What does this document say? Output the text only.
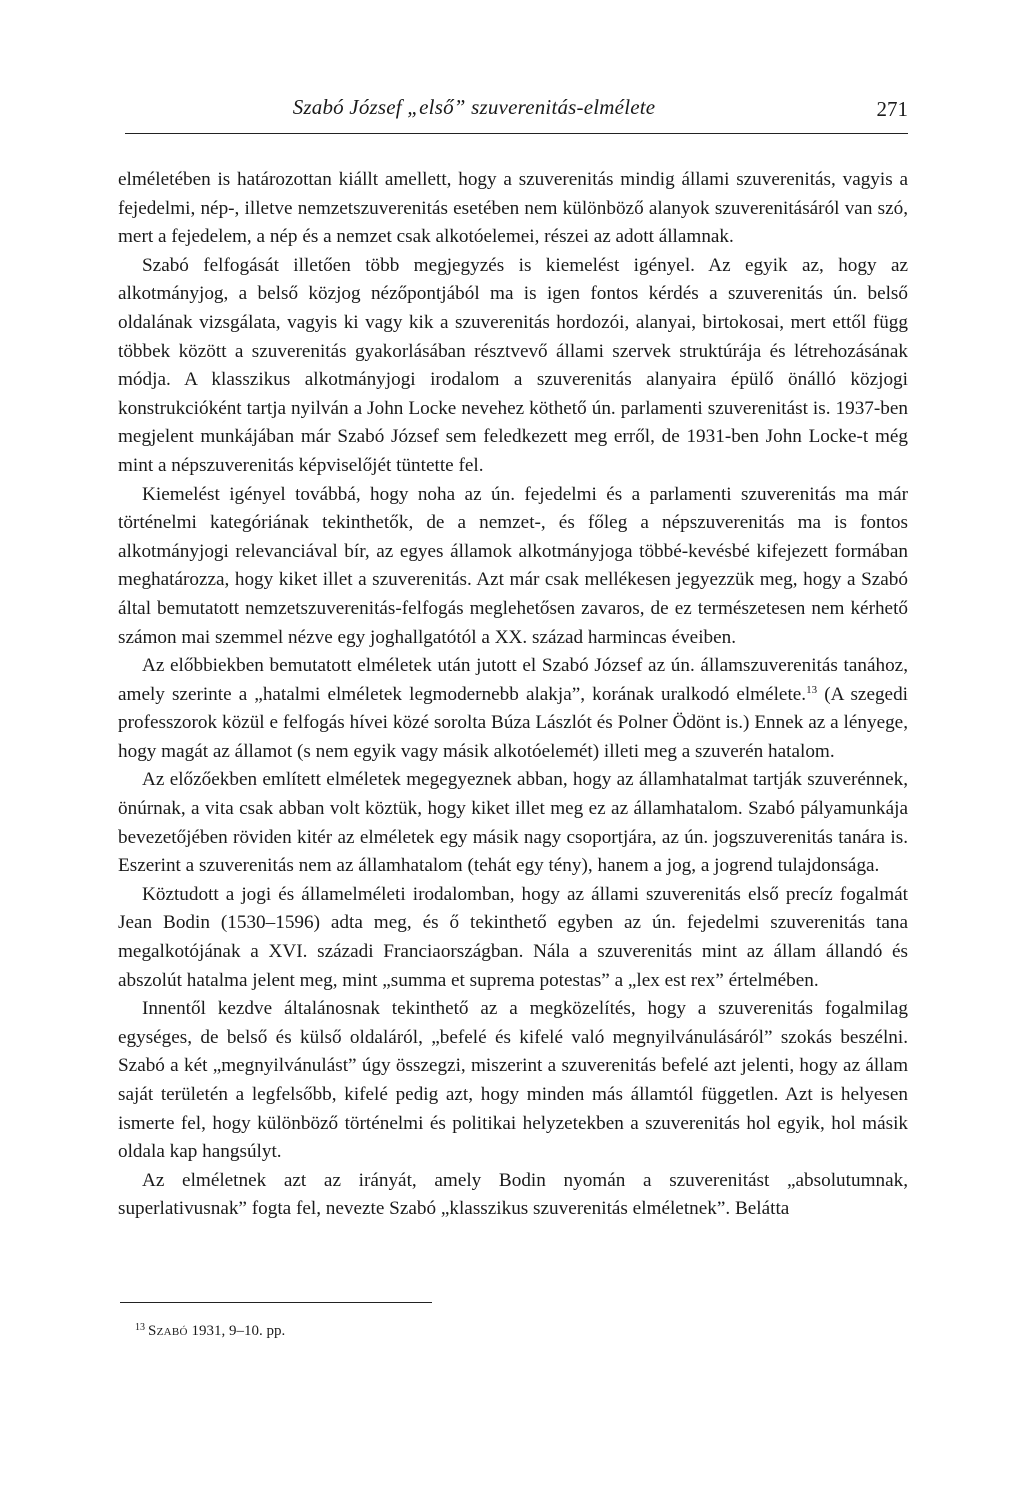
Szabó József „első” szuverenitás-elmélete	271

elméletében is határozottan kiállt amellett, hogy a szuverenitás mindig állami szuverenitás, vagyis a fejedelmi, nép-, illetve nemzetszuverenitás esetében nem különböző alanyok szuverenitásáról van szó, mert a fejedelem, a nép és a nemzet csak alkotóelemei, részei az adott államnak.

Szabó felfogását illetően több megjegyzés is kiemelést igényel. Az egyik az, hogy az alkotmányjog, a belső közjog nézőpontjából ma is igen fontos kérdés a szuverenitás ún. belső oldalának vizsgálata, vagyis ki vagy kik a szuverenitás hordozói, alanyai, birtokosai, mert ettől függ többek között a szuverenitás gyakorlásában résztvevő állami szervek struktúrája és létrehozásának módja. A klasszikus alkotmányjogi irodalom a szuverenitás alanyaira épülő önálló közjogi konstrukcióként tartja nyilván a John Locke nevehez köthető ún. parlamenti szuverenitást is. 1937-ben megjelent munkájában már Szabó József sem feledkezett meg erről, de 1931-ben John Locke-t még mint a népszuverenitás képviselőjét tüntette fel.

Kiemelést igényel továbbá, hogy noha az ún. fejedelmi és a parlamenti szuverenitás ma már történelmi kategóriának tekinthetők, de a nemzet-, és főleg a népszuverenitás ma is fontos alkotmányjogi relevanciával bír, az egyes államok alkotmányjoga többé-kevésbé kifejezett formában meghatározza, hogy kiket illet a szuverenitás. Azt már csak mellékesen jegyezzük meg, hogy a Szabó által bemutatott nemzetszuverenitás-felfogás meglehetősen zavaros, de ez természetesen nem kérhető számon mai szemmel nézve egy joghallgatótól a XX. század harmincas éveiben.

Az előbbiekben bemutatott elméletek után jutott el Szabó József az ún. államszuverenitás tanához, amely szerinte a „hatalmi elméletek legmodernebb alakja”, korának uralkodó elmélete.$^{13}$ (A szegedi professzorok közül e felfogás hívei közé sorolta Búza Lászlót és Polner Ödönt is.) Ennek az a lényege, hogy magát az államot (s nem egyik vagy másik alkotóelemét) illeti meg a szuverén hatalom.

Az előzőekben említett elméletek megegyeznek abban, hogy az államhatalmat tartják szuverénnek, önúrnak, a vita csak abban volt köztük, hogy kiket illet meg ez az államhatalom. Szabó pályamunkája bevezetőjében röviden kitér az elméletek egy másik nagy csoportjára, az ún. jogszuverenitás tanára is. Eszerint a szuverenitás nem az államhatalom (tehát egy tény), hanem a jog, a jogrend tulajdonsága.

Köztudott a jogi és államelméleti irodalomban, hogy az állami szuverenitás első precíz fogalmát Jean Bodin (1530–1596) adta meg, és ő tekinthető egyben az ún. fejedelmi szuverenitás tana megalkotójának a XVI. századi Franciaországban. Nála a szuverenitás mint az állam állandó és abszolút hatalma jelent meg, mint „summa et suprema potestas” a „lex est rex” értelmében.

Innentől kezdve általánosnak tekinthető az a megközelítés, hogy a szuverenitás fogalmilag egységes, de belső és külső oldaláról, „befelé és kifelé való megnyilvánulásáról” szokás beszélni. Szabó a két „megnyilvánulást” úgy összegzi, miszerint a szuverenitás befelé azt jelenti, hogy az állam saját területén a legfelsőbb, kifelé pedig azt, hogy minden más államtól független. Azt is helyesen ismerte fel, hogy különböző történelmi és politikai helyzetekben a szuverenitás hol egyik, hol másik oldala kap hangsúlyt.

Az elméletnek azt az irányát, amely Bodin nyomán a szuverenitást „absolutumnak, superlativusnak” fogta fel, nevezte Szabó „klasszikus szuverenitás elméletnek”. Belátta

$^{13}$ Szabó 1931, 9–10. pp.
